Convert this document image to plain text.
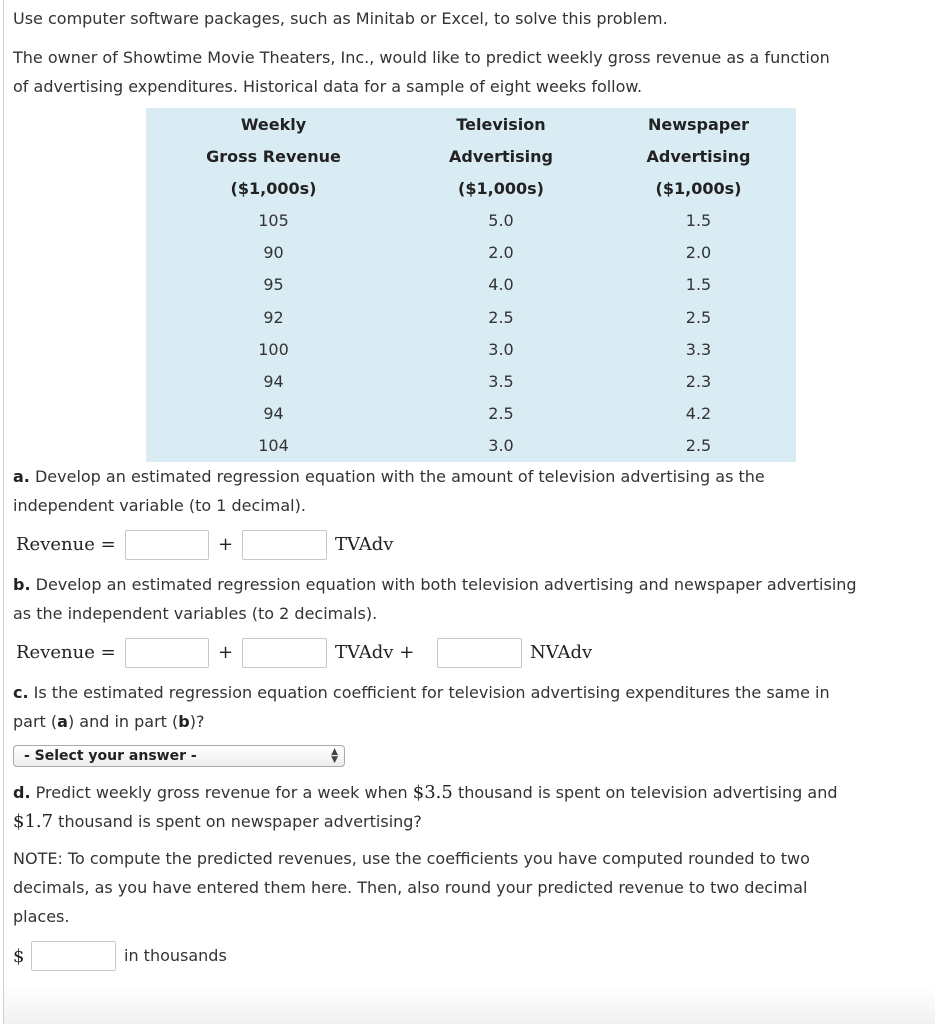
Use computer software packages, such as Minitab or Excel, to solve this problem.
The owner of Showtime Movie Theaters, Inc., would like to predict weekly gross revenue as a function
of advertising expenditures. Historical data for a sample of eight weeks follow.
Weekly	Television	Newspaper
Gross Revenue	Advertising	Advertising
($1,000s)	($1,000s)	($1,000s)
105	5.0	1.5
90	2.0	2.0
95	4.0	1.5
92	2.5	2.5
100	3.0	3.3
94	3.5	2.3
94	2.5	4.2
104	3.0	2.5
a. Develop an estimated regression equation with the amount of television advertising as the
independent variable (to 1 decimal).
Revenue =	+	TVAdv
b. Develop an estimated regression equation with both television advertising and newspaper advertising
as the independent variables (to 2 decimals).
Revenue =	+	TVAdv +	NVAdv
c. Is the estimated regression equation coefficient for television advertising expenditures the same in
part (a) and in part (b)?
- Select your answer -	▲
▼
d. Predict weekly gross revenue for a week when $3.5 thousand is spent on television advertising and
$1.7 thousand is spent on newspaper advertising?
NOTE: To compute the predicted revenues, use the coefficients you have computed rounded to two
decimals, as you have entered them here. Then, also round your predicted revenue to two decimal
places.
$	in thousands
